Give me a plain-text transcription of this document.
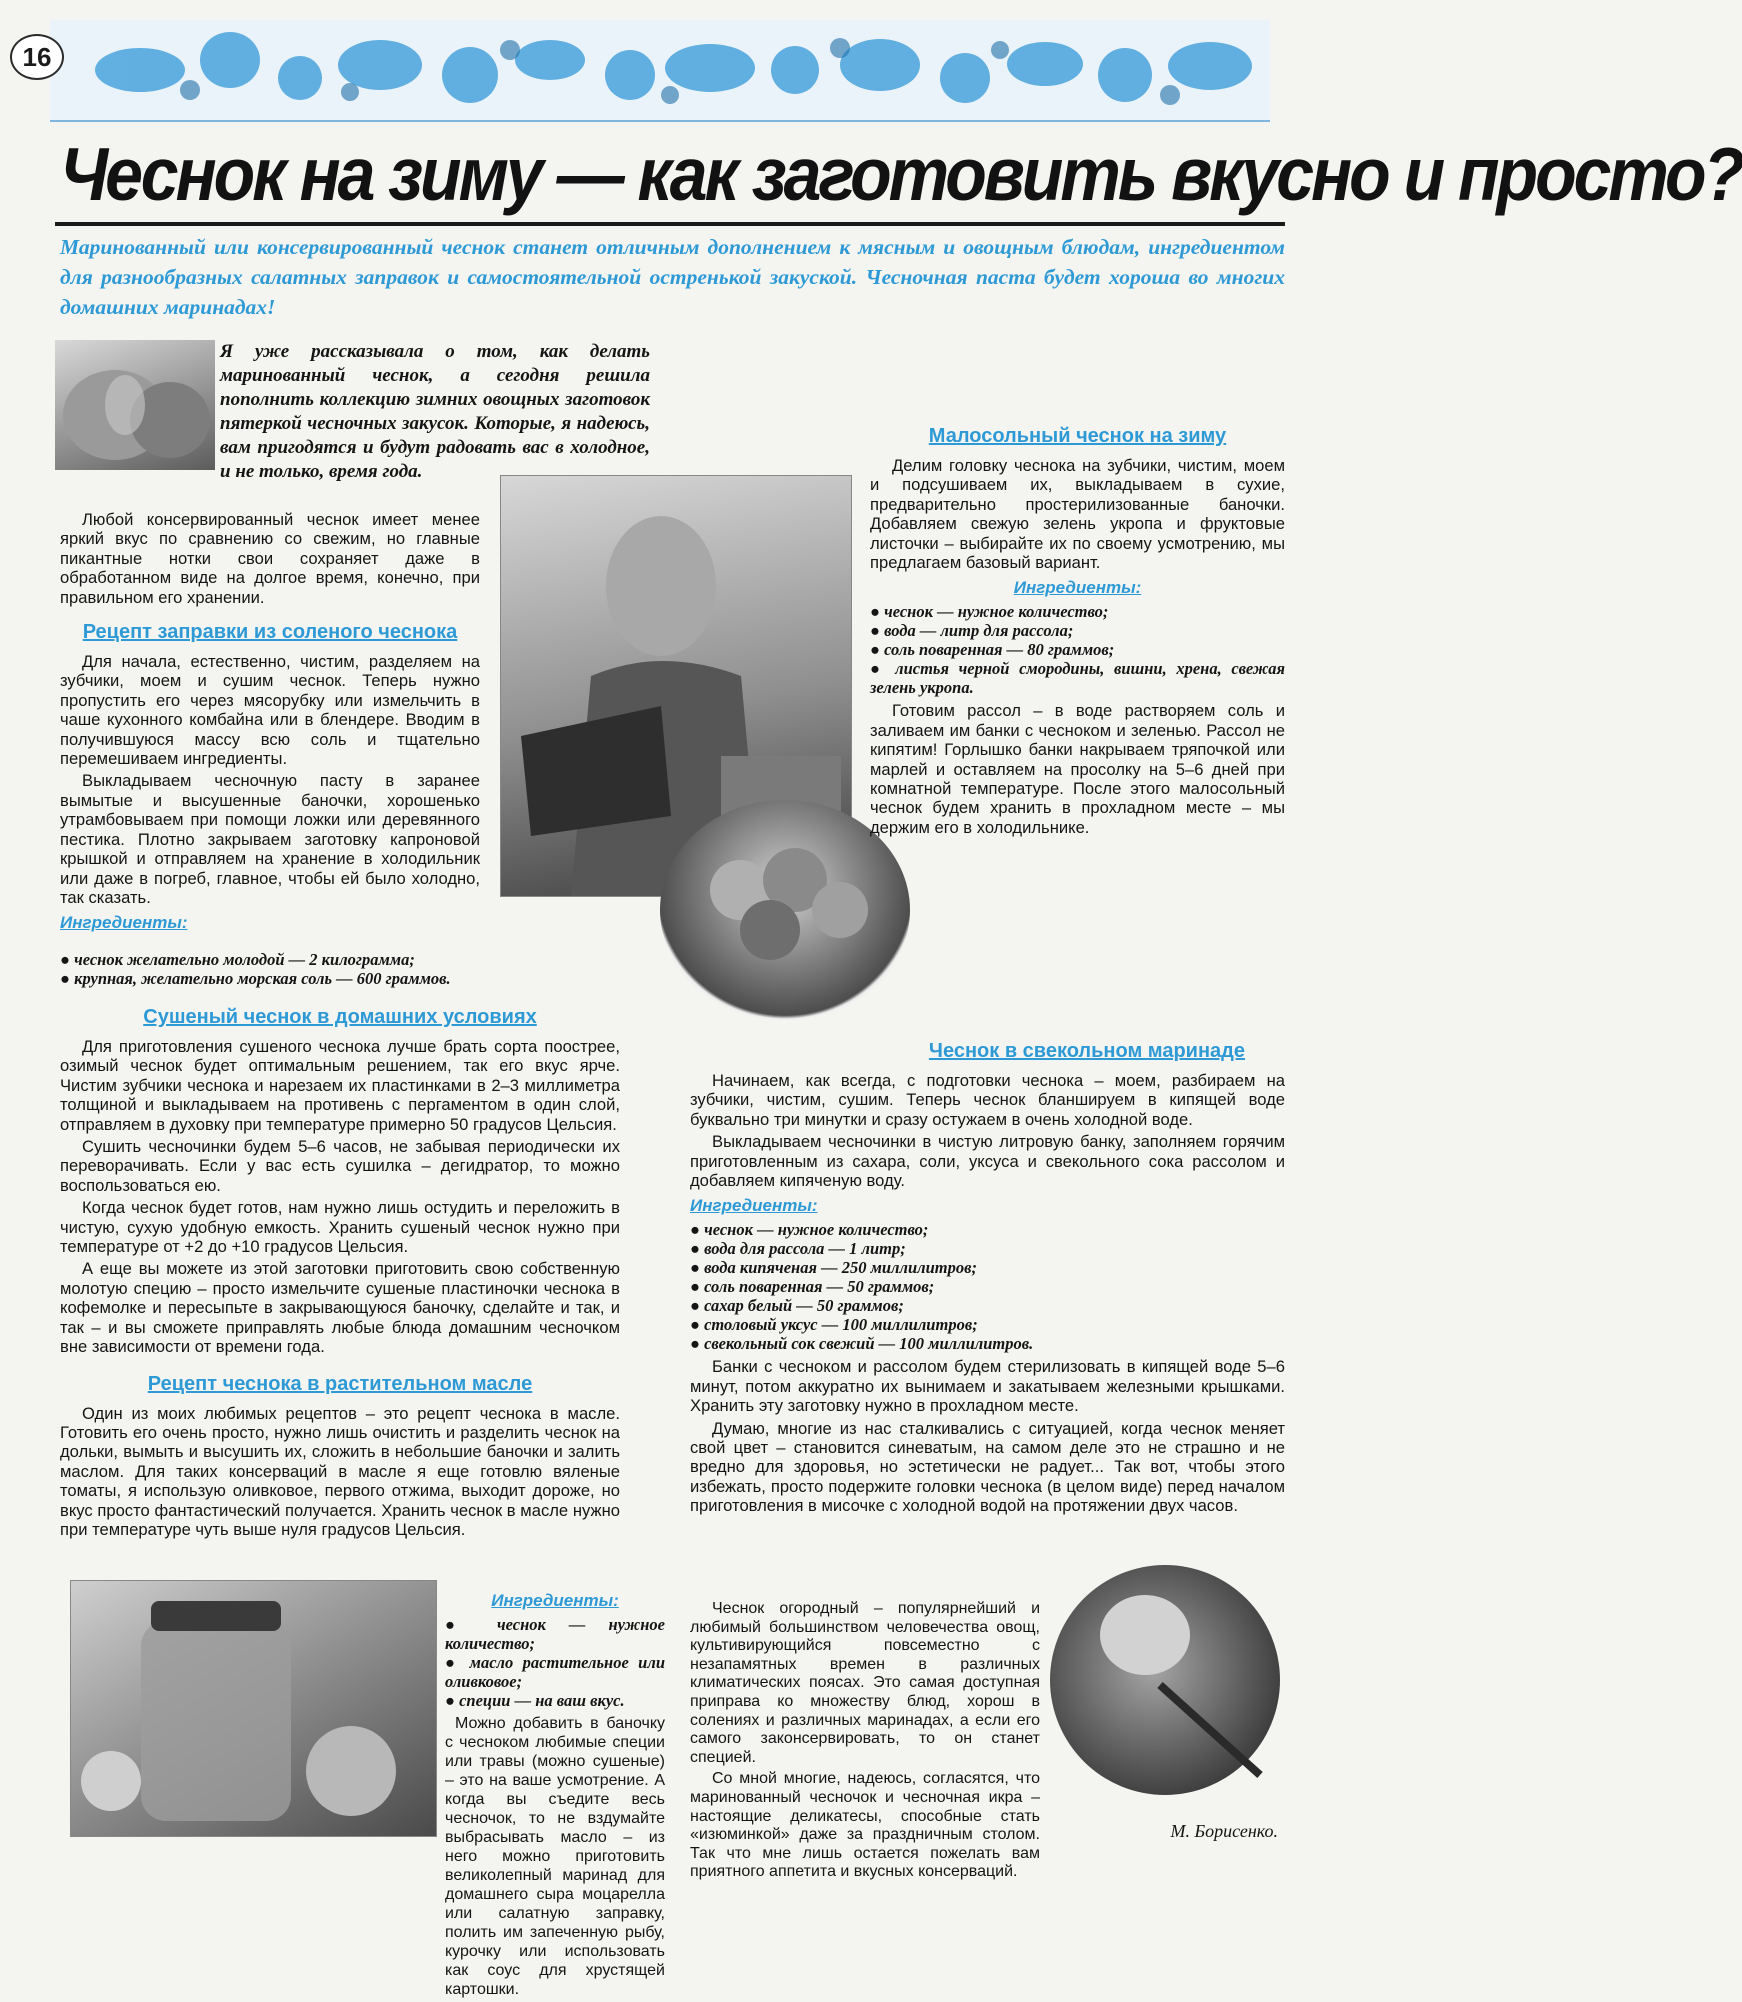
16
Чеснок на зиму — как заготовить вкусно и просто?
Маринованный или консервированный чеснок станет отличным дополнением к мясным и овощным блюдам, ингредиентом для разнообразных салатных заправок и самостоятельной остренькой закуской. Чесночная паста будет хороша во многих домашних маринадах!
Я уже рассказывала о том, как делать маринованный чеснок, а сегодня решила пополнить коллекцию зимних овощных заготовок пятеркой чесночных закусок. Которые, я надеюсь, вам пригодятся и будут радовать вас в холодное, и не только, время года.

Любой консервированный чеснок имеет менее яркий вкус по сравнению со свежим, но главные пикантные нотки свои сохраняет даже в обработанном виде на долгое время, конечно, при правильном его хранении.

Рецепт заправки из соленого чеснока

Для начала, естественно, чистим, разделяем на зубчики, моем и сушим чеснок. Теперь нужно пропустить его через мясорубку или измельчить в чаше кухонного комбайна или в блендере. Вводим в получившуюся массу всю соль и тщательно перемешиваем ингредиенты.

Выкладываем чесночную пасту в заранее вымытые и высушенные баночки, хорошенько утрамбовываем при помощи ложки или деревянного пестика. Плотно закрываем заготовку капроновой крышкой и отправляем на хранение в холодильник или даже в погреб, главное, чтобы ей было холодно, так сказать.

Ингредиенты:
● чеснок желательно молодой — 2 килограмма;
● крупная, желательно морская соль — 600 граммов.
Сушеный чеснок в домашних условиях

Для приготовления сушеного чеснока лучше брать сорта поострее, озимый чеснок будет оптимальным решением, так его вкус ярче. Чистим зубчики чеснока и нарезаем их пластинками в 2–3 миллиметра толщиной и выкладываем на противень с пергаментом в один слой, отправляем в духовку при температуре примерно 50 градусов Цельсия.

Сушить чесночинки будем 5–6 часов, не забывая периодически их переворачивать. Если у вас есть сушилка – дегидратор, то можно воспользоваться ею.

Когда чеснок будет готов, нам нужно лишь остудить и переложить в чистую, сухую удобную емкость. Хранить сушеный чеснок нужно при температуре от +2 до +10 градусов Цельсия.

А еще вы можете из этой заготовки приготовить свою собственную молотую специю – просто измельчите сушеные пластиночки чеснока в кофемолке и пересыпьте в закрывающуюся баночку, сделайте и так, и так – и вы сможете приправлять любые блюда домашним чесночком вне зависимости от времени года.

Рецепт чеснока в растительном масле

Один из моих любимых рецептов – это рецепт чеснока в масле. Готовить его очень просто, нужно лишь очистить и разделить чеснок на дольки, вымыть и высушить их, сложить в небольшие баночки и залить маслом. Для таких консерваций в масле я еще готовлю вяленые томаты, я использую оливковое, первого отжима, выходит дороже, но вкус просто фантастический получается. Хранить чеснок в масле нужно при температуре чуть выше нуля градусов Цельсия.

Ингредиенты:
● чеснок — нужное количество;
● масло растительное или оливковое;
● специи — на ваш вкус.

Можно добавить в баночку с чесноком любимые специи или травы (можно сушеные) – это на ваше усмотрение. А когда вы съедите весь чесночок, то не вздумайте выбрасывать масло – из него можно приготовить великолепный маринад для домашнего сыра моцарелла или салатную заправку, полить им запеченную рыбу, курочку или использовать как соус для хрустящей картошки.

Малосольный чеснок на зиму

Делим головку чеснока на зубчики, чистим, моем и подсушиваем их, выкладываем в сухие, предварительно простерилизованные баночки. Добавляем свежую зелень укропа и фруктовые листочки – выбирайте их по своему усмотрению, мы предлагаем базовый вариант.

Ингредиенты:
● чеснок — нужное количество;
● вода — литр для рассола;
● соль поваренная — 80 граммов;
● листья черной смородины, вишни, хрена, свежая зелень укропа.

Готовим рассол – в воде растворяем соль и заливаем им банки с чесноком и зеленью. Рассол не кипятим! Горлышко банки накрываем тряпочкой или марлей и оставляем на просолку на 5–6 дней при комнатной температуре. После этого малосольный чеснок будем хранить в прохладном месте – мы держим его в холодильнике.

Чеснок в свекольном маринаде

Начинаем, как всегда, с подготовки чеснока – моем, разбираем на зубчики, чистим, сушим. Теперь чеснок бланшируем в кипящей воде буквально три минутки и сразу остужаем в очень холодной воде.

Выкладываем чесночинки в чистую литровую банку, заполняем горячим приготовленным из сахара, соли, уксуса и свекольного сока рассолом и добавляем кипяченую воду.

Ингредиенты:
● чеснок — нужное количество;
● вода для рассола — 1 литр;
● вода кипяченая — 250 миллилитров;
● соль поваренная — 50 граммов;
● сахар белый — 50 граммов;
● столовый уксус — 100 миллилитров;
● свекольный сок свежий — 100 миллилитров.

Банки с чесноком и рассолом будем стерилизовать в кипящей воде 5–6 минут, потом аккуратно их вынимаем и закатываем железными крышками. Хранить эту заготовку нужно в прохладном месте.

Думаю, многие из нас сталкивались с ситуацией, когда чеснок меняет свой цвет – становится синеватым, на самом деле это не страшно и не вредно для здоровья, но эстетически не радует... Так вот, чтобы этого избежать, просто подержите головки чеснока (в целом виде) перед началом приготовления в мисочке с холодной водой на протяжении двух часов.

Чеснок огородный – популярнейший и любимый большинством человечества овощ, культивирующийся повсеместно с незапамятных времен в различных климатических поясах. Это самая доступная приправа ко множеству блюд, хорош в солениях и различных маринадах, а если его самого законсервировать, то он станет специей.

Со мной многие, надеюсь, согласятся, что маринованный чесночок и чесночная икра – настоящие деликатесы, способные стать «изюминкой» даже за праздничным столом. Так что мне лишь остается пожелать вам приятного аппетита и вкусных консерваций.

М. Борисенко.
